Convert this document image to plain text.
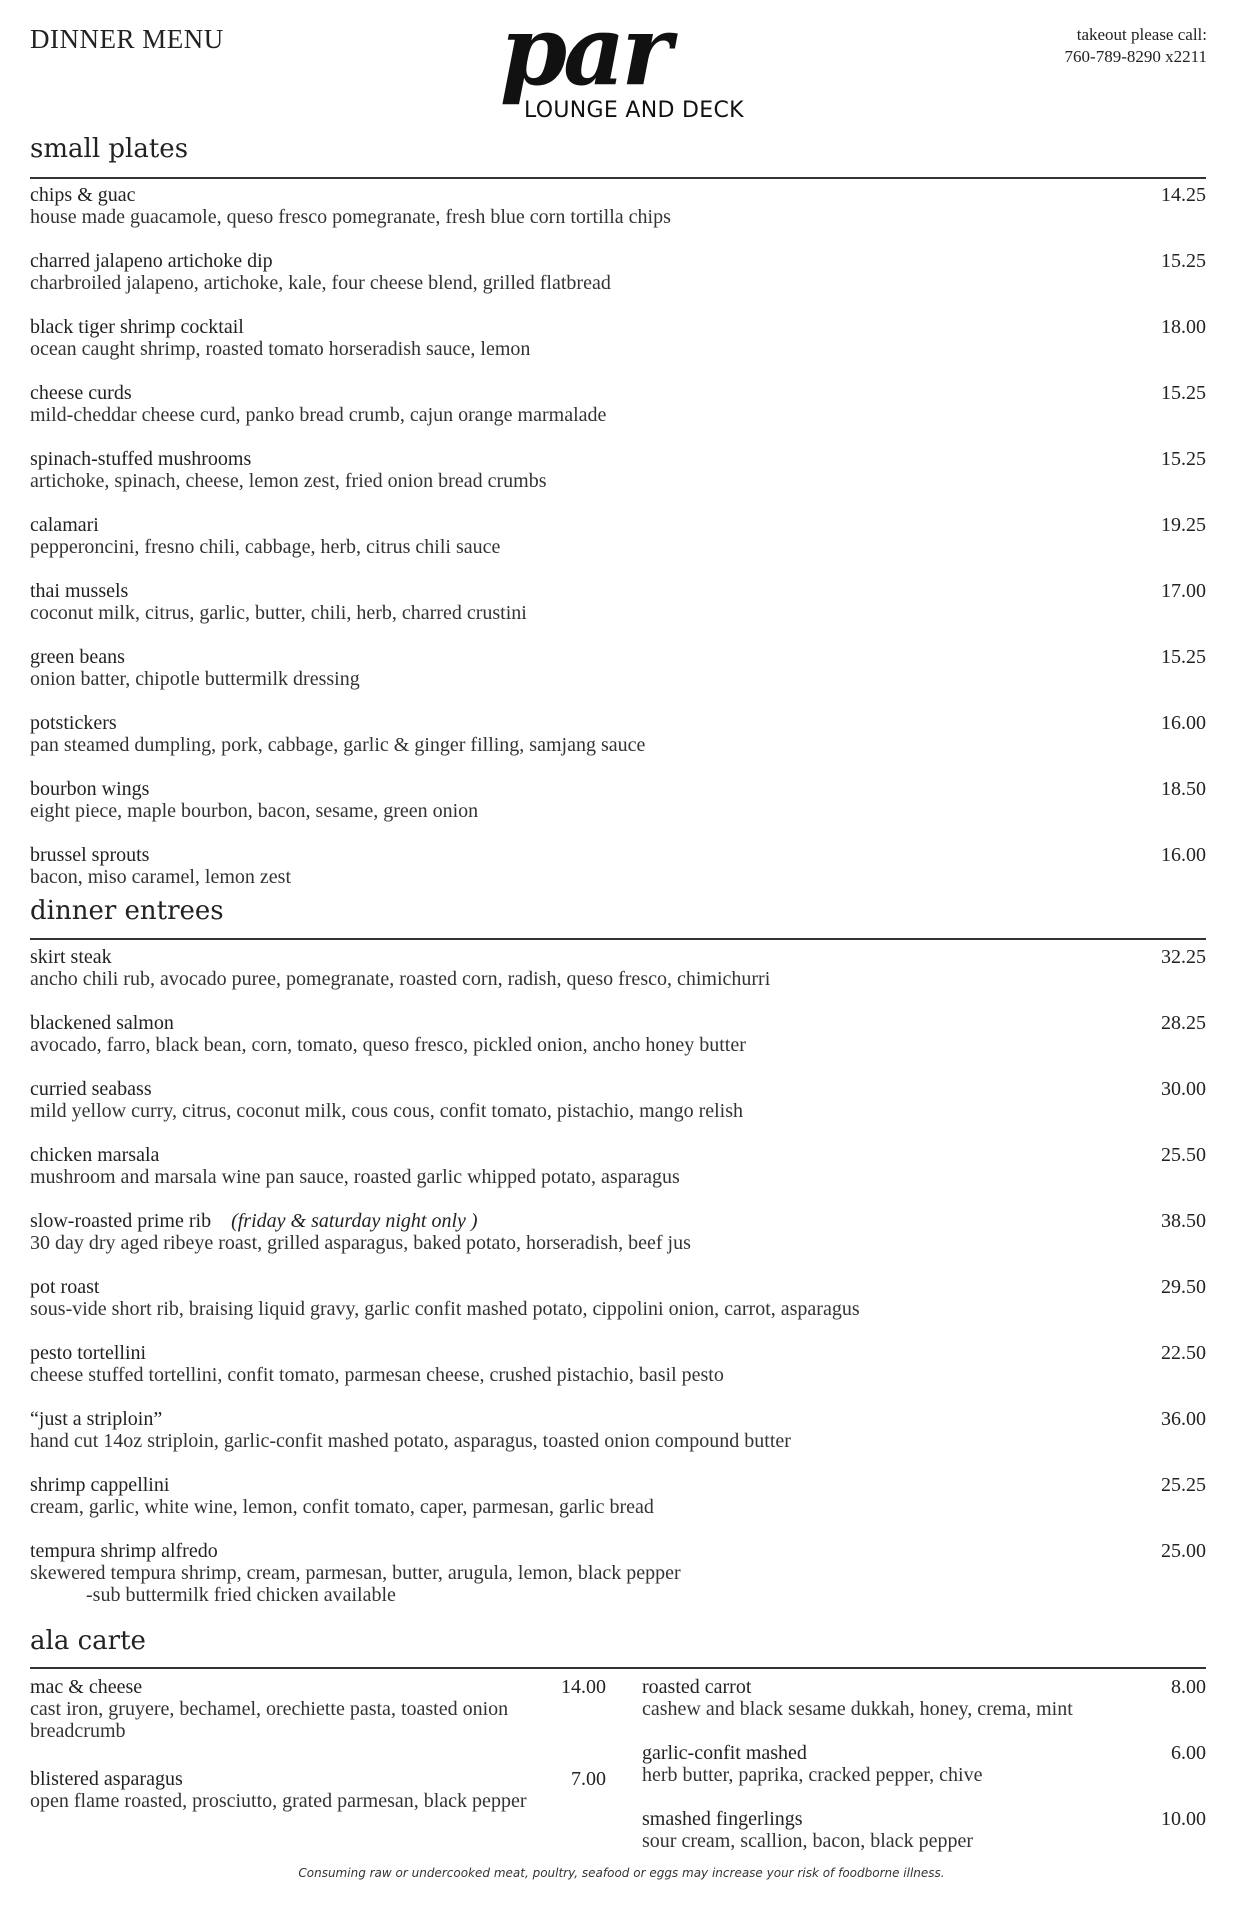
DINNER MENU	par
LOUNGE AND DECK
takeout please call:
760-789-8290 x2211
small plates
chips & guac
house made guacamole, queso fresco pomegranate, fresh blue corn tortilla chips
14.25
charred jalapeno artichoke dip
charbroiled jalapeno, artichoke, kale, four cheese blend, grilled flatbread
15.25
black tiger shrimp cocktail
ocean caught shrimp, roasted tomato horseradish sauce, lemon
18.00
cheese curds
mild-cheddar cheese curd, panko bread crumb, cajun orange marmalade
15.25
spinach-stuffed mushrooms
artichoke, spinach, cheese, lemon zest, fried onion bread crumbs
15.25
calamari
pepperoncini, fresno chili, cabbage, herb, citrus chili sauce
19.25
thai mussels
coconut milk, citrus, garlic, butter, chili, herb, charred crustini
17.00
green beans
onion batter, chipotle buttermilk dressing
15.25
potstickers
pan steamed dumpling, pork, cabbage, garlic & ginger filling, samjang sauce
16.00
bourbon wings
eight piece, maple bourbon, bacon, sesame, green onion
18.50
brussel sprouts
bacon, miso caramel, lemon zest
16.00
dinner entrees
skirt steak
ancho chili rub, avocado puree, pomegranate, roasted corn, radish, queso fresco, chimichurri
32.25
blackened salmon
avocado, farro, black bean, corn, tomato, queso fresco, pickled onion, ancho honey butter
28.25
curried seabass
mild yellow curry, citrus, coconut milk, cous cous, confit tomato, pistachio, mango relish
30.00
chicken marsala
mushroom and marsala wine pan sauce, roasted garlic whipped potato, asparagus
25.50
slow-roasted prime rib (friday & saturday night only )
30 day dry aged ribeye roast, grilled asparagus, baked potato, horseradish, beef jus
38.50
pot roast
sous-vide short rib, braising liquid gravy, garlic confit mashed potato, cippolini onion, carrot, asparagus
29.50
pesto tortellini
cheese stuffed tortellini, confit tomato, parmesan cheese, crushed pistachio, basil pesto
22.50
“just a striploin”
hand cut 14oz striploin, garlic-confit mashed potato, asparagus, toasted onion compound butter
36.00
shrimp cappellini
cream, garlic, white wine, lemon, confit tomato, caper, parmesan, garlic bread
25.25
tempura shrimp alfredo
skewered tempura shrimp, cream, parmesan, butter, arugula, lemon, black pepper
-sub buttermilk fried chicken available
25.00
ala carte
mac & cheese
cast iron, gruyere, bechamel, orechiette pasta, toasted onion breadcrumb
14.00
blistered asparagus
open flame roasted, prosciutto, grated parmesan, black pepper
7.00
roasted carrot
cashew and black sesame dukkah, honey, crema, mint
8.00
garlic-confit mashed
herb butter, paprika, cracked pepper, chive
6.00
smashed fingerlings
sour cream, scallion, bacon, black pepper
10.00
Consuming raw or undercooked meat, poultry, seafood or eggs may increase your risk of foodborne illness.
